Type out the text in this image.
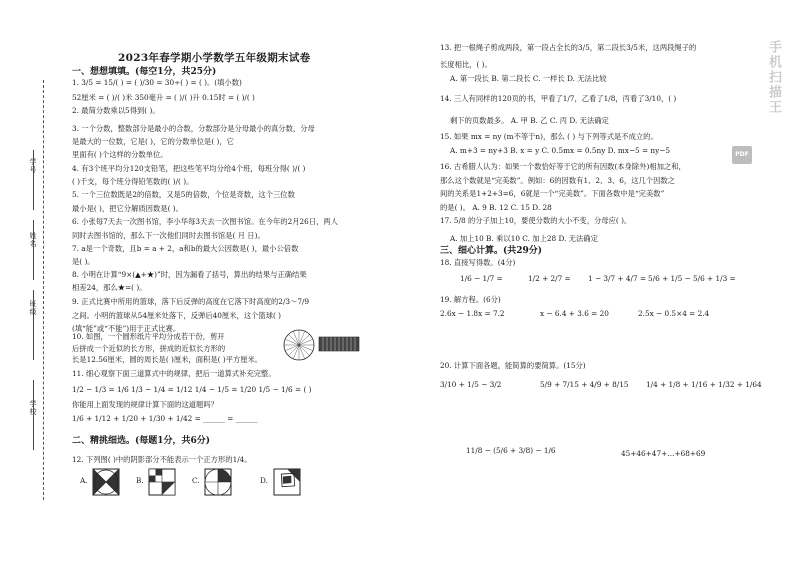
手机扫描王
PDF
学号
姓名
班级
学校
2023年春学期小学数学五年级期末试卷
一、想想填填。(每空1分，共25分)
1. 3/5 = 15/( ) = ( )/30 = 30÷( ) = ( )。(填小数)
52厘米 = ( )/( )米 350毫升 = ( )/( )升 0.15时 = ( )/( )
2. 最简分数乘以5得到( )。
3. 一个分数，整数部分是最小的合数，分数部分是分母最小的真分数，分母
是最大的一位数，它是( )，它的分数单位是( )，它
里面有( )个这样的分数单位。
4. 有3个班平均分120支铅笔，把这些笔平均分给4个班，每班分得( )/( )
( )千支，每个班分得铅笔数的( )/( )。
5. 一个三位数既是2的倍数，又是5的倍数，个位是奇数，这个三位数
最小是( )，把它分解质因数是( )。
6. 小张每7天去一次图书馆，李小华每3天去一次图书馆。在今年的2月26日，两人
同时去图书馆的，那么下一次他们同时去图书馆是( 月 日)。
7. a是一个奇数，且b = a + 2，a和b的最大公因数是( )，最小公倍数
是( )。
8. 小明在计算“9×(▲+★)”时，因为漏看了括号，算出的结果与正确结果
相差24，那么★=( )。
9. 正式比赛中所用的篮球，落下后反弹的高度在它落下时高度的2/3～7/9
之间。小明的篮球从54厘米处落下，反弹后40厘米，这个篮球( )
(填“能”或“不能”)用于正式比赛。
10. 如图，一个圆形纸片平均分成若干份，剪开
后拼成一个近似的长方形，拼成的近似长方形的
长是12.56厘米，圆的周长是( )厘米，面积是( )平方厘米。
11. 细心观察下面三道算式中的规律，把后一道算式补充完整。
1/2 − 1/3 = 1/6 1/3 − 1/4 = 1/12 1/4 − 1/5 = 1/20 1/5 − 1/6 = ( )
你能用上面发现的规律计算下面的这道题吗？
1/6 + 1/12 + 1/20 + 1/30 + 1/42 = ______ = ______
二、精挑细选。(每题1分，共6分)
12. 下列图( )中的阴影部分不能表示一个正方形的1/4。
A.	B.	C.	D.
13. 把一根绳子剪成两段，第一段占全长的3/5，第二段长3/5米，这两段绳子的
长度相比，( )。
A. 第一段长 B. 第二段长 C. 一样长 D. 无法比较
14. 三人有同样的120页的书，甲看了1/7，乙看了1/8，丙看了3/10，( )
剩下的页数最多。 A. 甲 B. 乙 C. 丙 D. 无法确定
15. 如果 mx = ny (m不等于n)，那么 ( ) 与下列等式是不成立的。
A. m+3 = ny+3 B. x = y C. 0.5mx = 0.5ny D. mx−5 = ny−5
16. 古希腊人认为：如果一个数恰好等于它的所有因数(本身除外)相加之和，
那么这个数就是“完美数”。例如：6的因数有1、2、3、6，这几个因数之
间的关系是1+2+3=6，6就是一个“完美数”。下面各数中是“完美数”
的是( )。 A. 9 B. 12 C. 15 D. 28
17. 5/8 的分子加上10，要使分数的大小不变，分母应( )。
A. 加上10 B. 乘以10 C. 加上28 D. 无法确定
三、细心计算。(共29分)
18. 直接写得数。(4分)
1/6 − 1/7 =	1/2 + 2/7 = 1 − 3/7 + 4/7 = 5/6 + 1/5 − 5/6 + 1/3 =
19. 解方程。(6分)
2.6x − 1.8x = 7.2	x − 6.4 + 3.6 = 20	2.5x − 0.5×4 = 2.4
20. 计算下面各题，能简算的要简算。(15分)
3/10 + 1/5 − 3/2	5/9 + 7/15 + 4/9 + 8/15 1/4 + 1/8 + 1/16 + 1/32 + 1/64
11/8 − (5/6 + 3/8) − 1/6	45+46+47+…+68+69
